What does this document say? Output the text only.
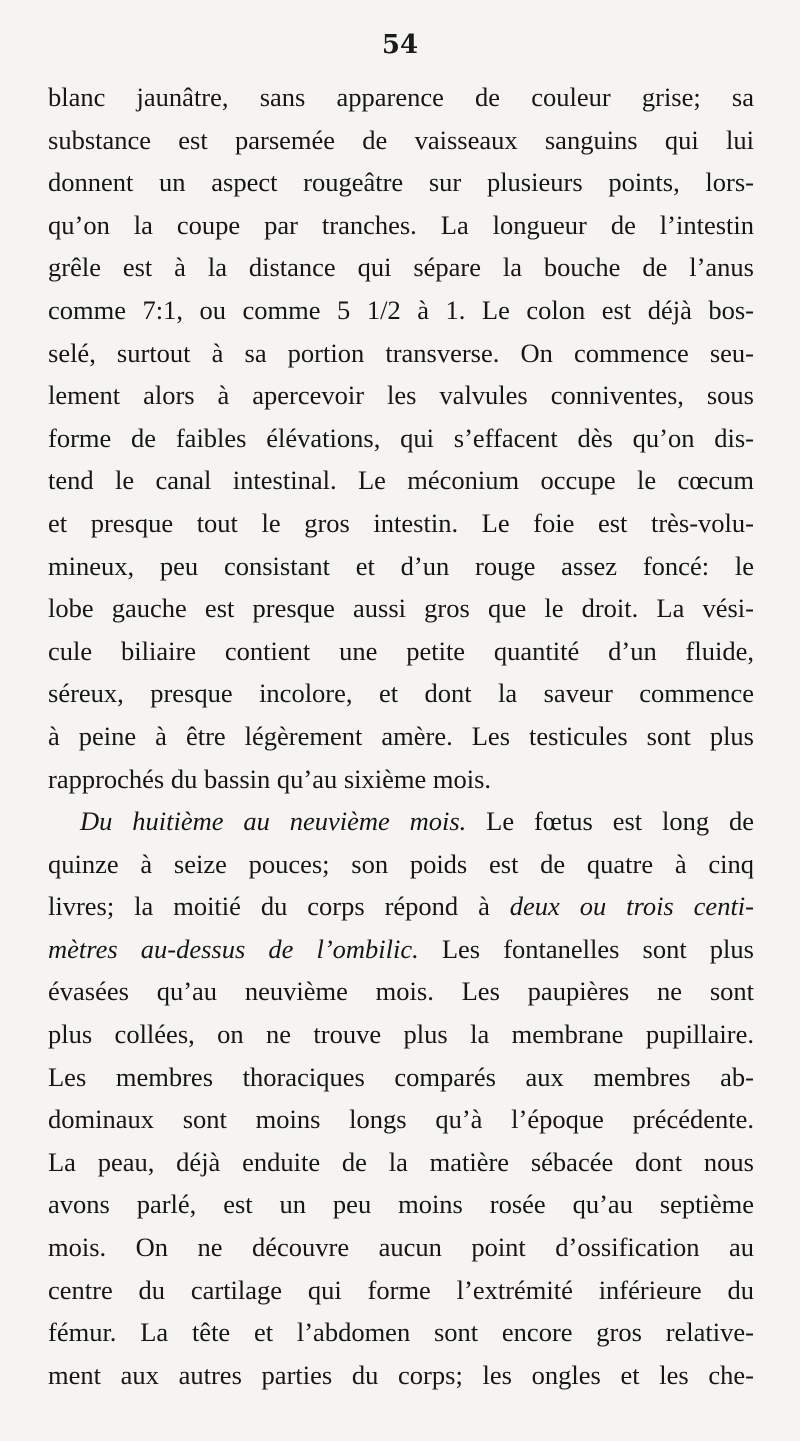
54
blanc jaunâtre, sans apparence de couleur grise; sa
substance est parsemée de vaisseaux sanguins qui lui
donnent un aspect rougeâtre sur plusieurs points, lors-
qu’on la coupe par tranches. La longueur de l’intestin
grêle est à la distance qui sépare la bouche de l’anus
comme 7:1, ou comme 5 1/2 à 1. Le colon est déjà bos-
selé, surtout à sa portion transverse. On commence seu-
lement alors à apercevoir les valvules conniventes, sous
forme de faibles élévations, qui s’effacent dès qu’on dis-
tend le canal intestinal. Le méconium occupe le cœcum
et presque tout le gros intestin. Le foie est très-volu-
mineux, peu consistant et d’un rouge assez foncé: le
lobe gauche est presque aussi gros que le droit. La vési-
cule biliaire contient une petite quantité d’un fluide,
séreux, presque incolore, et dont la saveur commence
à peine à être légèrement amère. Les testicules sont plus
rapprochés du bassin qu’au sixième mois.
Du huitième au neuvième mois. Le fœtus est long de
quinze à seize pouces; son poids est de quatre à cinq
livres; la moitié du corps répond à deux ou trois centi-
mètres au-dessus de l’ombilic. Les fontanelles sont plus
évasées qu’au neuvième mois. Les paupières ne sont
plus collées, on ne trouve plus la membrane pupillaire.
Les membres thoraciques comparés aux membres ab-
dominaux sont moins longs qu’à l’époque précédente.
La peau, déjà enduite de la matière sébacée dont nous
avons parlé, est un peu moins rosée qu’au septième
mois. On ne découvre aucun point d’ossification au
centre du cartilage qui forme l’extrémité inférieure du
fémur. La tête et l’abdomen sont encore gros relative-
ment aux autres parties du corps; les ongles et les che-
